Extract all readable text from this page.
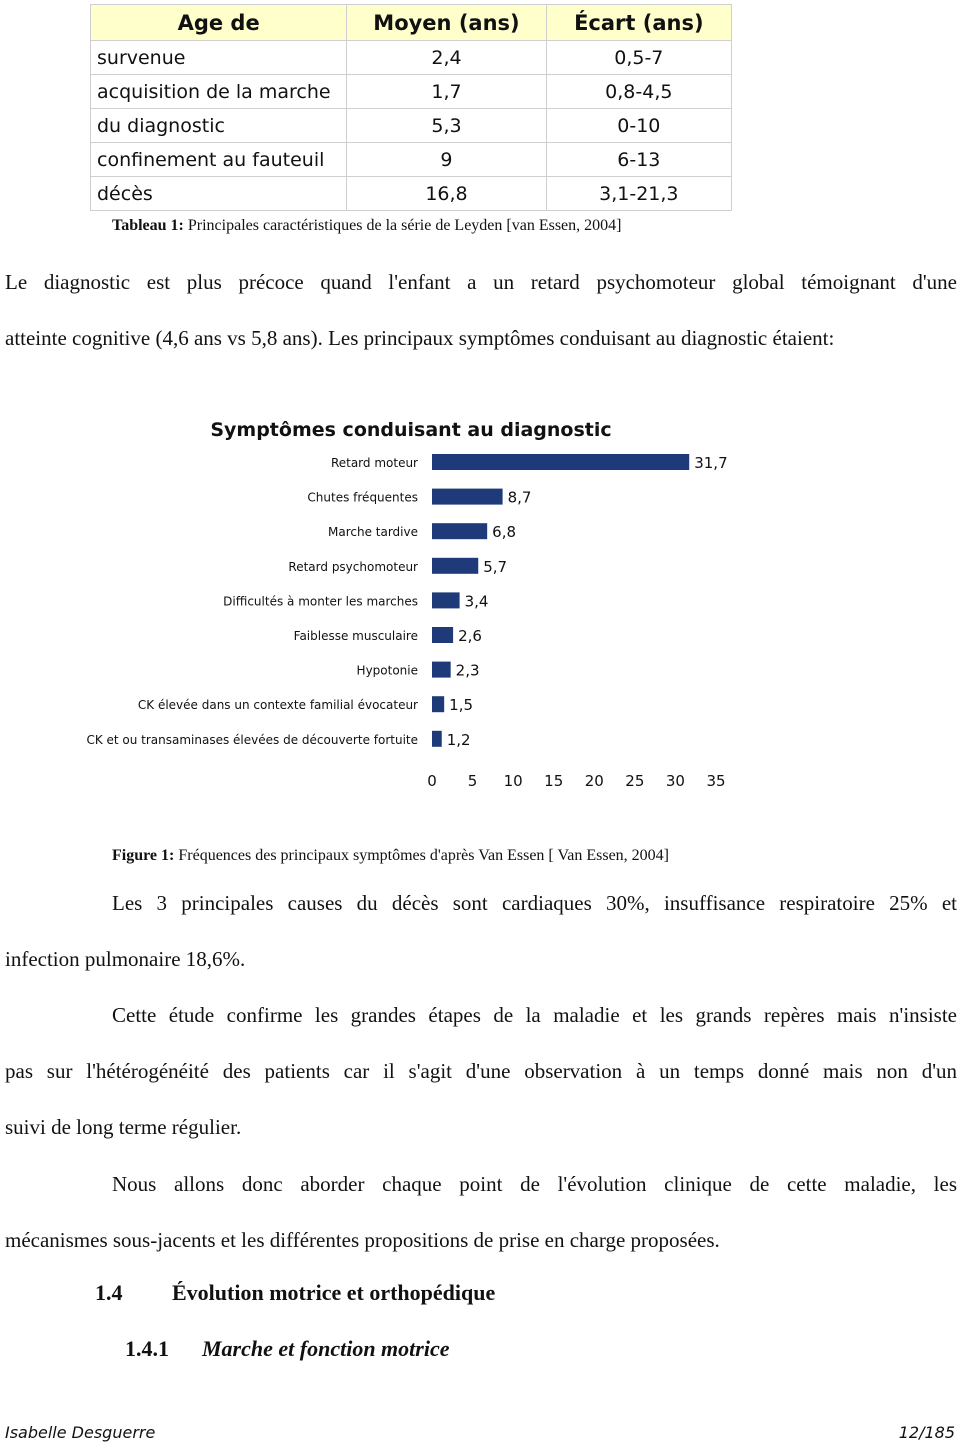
Age de	Moyen (ans)	Écart (ans)
survenue	2,4	0,5-7
acquisition de la marche	1,7	0,8-4,5
du diagnostic	5,3	0-10
confinement au fauteuil	9	6-13
décès	16,8	3,1-21,3
Tableau 1: Principales caractéristiques de la série de Leyden [van Essen, 2004]
Le diagnostic est plus précoce quand l'enfant a un retard psychomoteur global témoignant d'une
atteinte cognitive (4,6 ans vs 5,8 ans). Les principaux symptômes conduisant au diagnostic étaient:
Symptômes conduisant au diagnostic
Retard moteur	31,7
Chutes fréquentes	8,7
Marche tardive	6,8
Retard psychomoteur	5,7
Difficultés à monter les marches	3,4
Faiblesse musculaire	2,6
Hypotonie	2,3
CK élevée dans un contexte familial évocateur 1,5
CK et ou transaminases élevées de découverte fortuite 1,2
0 5 10 15 20 25 30 35
Figure 1: Fréquences des principaux symptômes d'après Van Essen [ Van Essen, 2004]
Les 3 principales causes du décès sont cardiaques 30%, insuffisance respiratoire 25% et
infection pulmonaire 18,6%.
Cette étude confirme les grandes étapes de la maladie et les grands repères mais n'insiste
pas sur l'hétérogénéité des patients car il s'agit d'une observation à un temps donné mais non d'un
suivi de long terme régulier.
Nous allons donc aborder chaque point de l'évolution clinique de cette maladie, les
mécanismes sous-jacents et les différentes propositions de prise en charge proposées.
1.4 Évolution motrice et orthopédique
1.4.1 Marche et fonction motrice
Isabelle Desguerre	12/185
